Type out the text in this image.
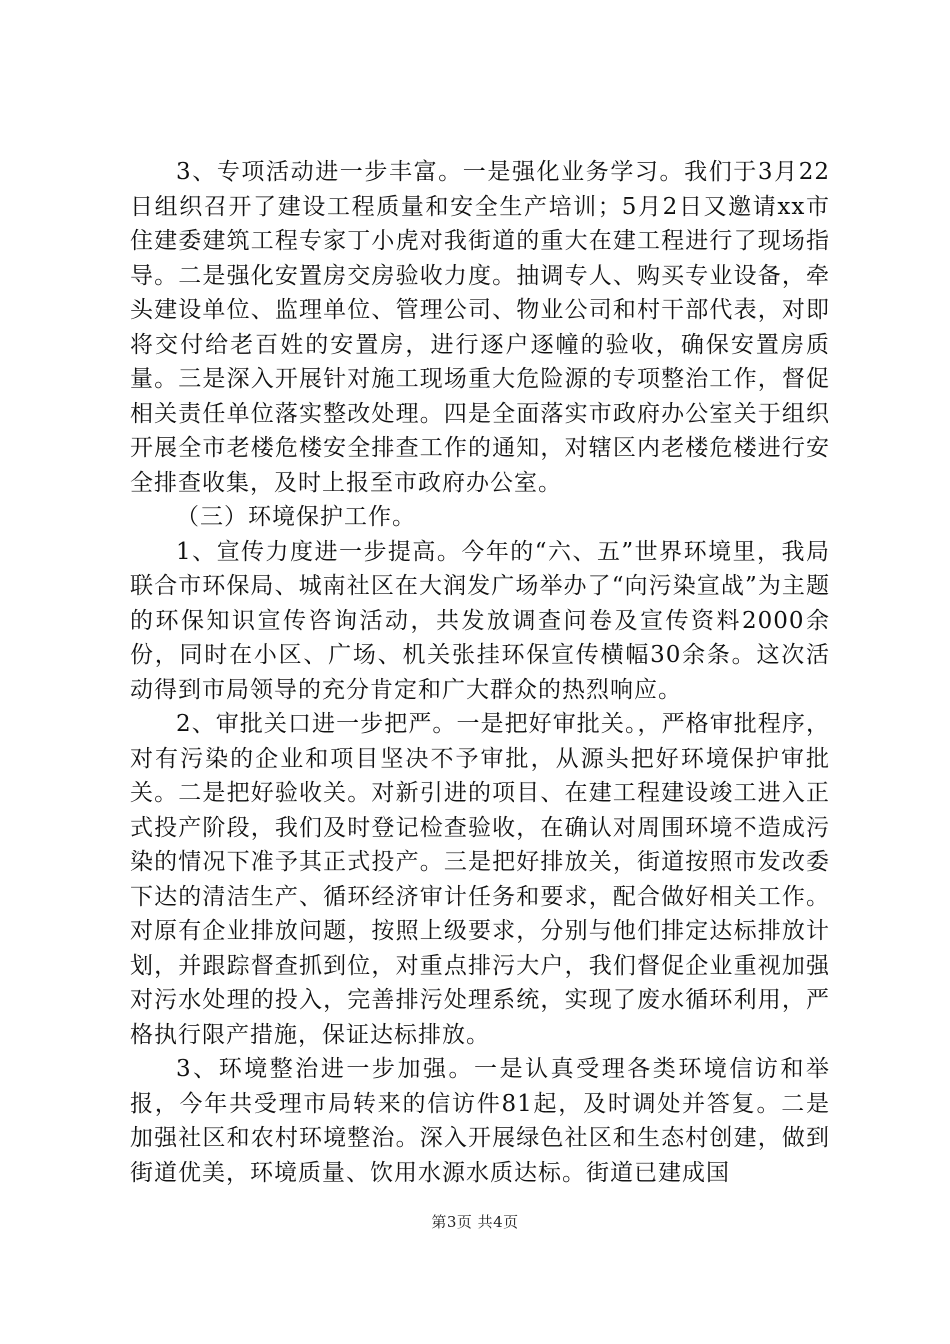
3、专项活动进一步丰富。一是强化业务学习。我们于3月22日组织召开了建设工程质量和安全生产培训；5月2日又邀请xx市住建委建筑工程专家丁小虎对我街道的重大在建工程进行了现场指导。二是强化安置房交房验收力度。抽调专人、购买专业设备，牵头建设单位、监理单位、管理公司、物业公司和村干部代表，对即将交付给老百姓的安置房，进行逐户逐幢的验收，确保安置房质量。三是深入开展针对施工现场重大危险源的专项整治工作，督促相关责任单位落实整改处理。四是全面落实市政府办公室关于组织开展全市老楼危楼安全排查工作的通知，对辖区内老楼危楼进行安全排查收集，及时上报至市政府办公室。

（三）环境保护工作。

1、宣传力度进一步提高。今年的“六、五”世界环境里，我局联合市环保局、城南社区在大润发广场举办了“向污染宣战”为主题的环保知识宣传咨询活动，共发放调查问卷及宣传资料2000余份，同时在小区、广场、机关张挂环保宣传横幅30余条。这次活动得到市局领导的充分肯定和广大群众的热烈响应。

2、审批关口进一步把严。一是把好审批关。，严格审批程序，对有污染的企业和项目坚决不予审批，从源头把好环境保护审批关。二是把好验收关。对新引进的项目、在建工程建设竣工进入正式投产阶段，我们及时登记检查验收，在确认对周围环境不造成污染的情况下准予其正式投产。三是把好排放关，街道按照市发改委下达的清洁生产、循环经济审计任务和要求，配合做好相关工作。对原有企业排放问题，按照上级要求，分别与他们排定达标排放计划，并跟踪督查抓到位，对重点排污大户，我们督促企业重视加强对污水处理的投入，完善排污处理系统，实现了废水循环利用，严格执行限产措施，保证达标排放。

3、环境整治进一步加强。一是认真受理各类环境信访和举报，今年共受理市局转来的信访件81起，及时调处并答复。二是加强社区和农村环境整治。深入开展绿色社区和生态村创建，做到街道优美，环境质量、饮用水源水质达标。街道已建成国

第3页 共4页
